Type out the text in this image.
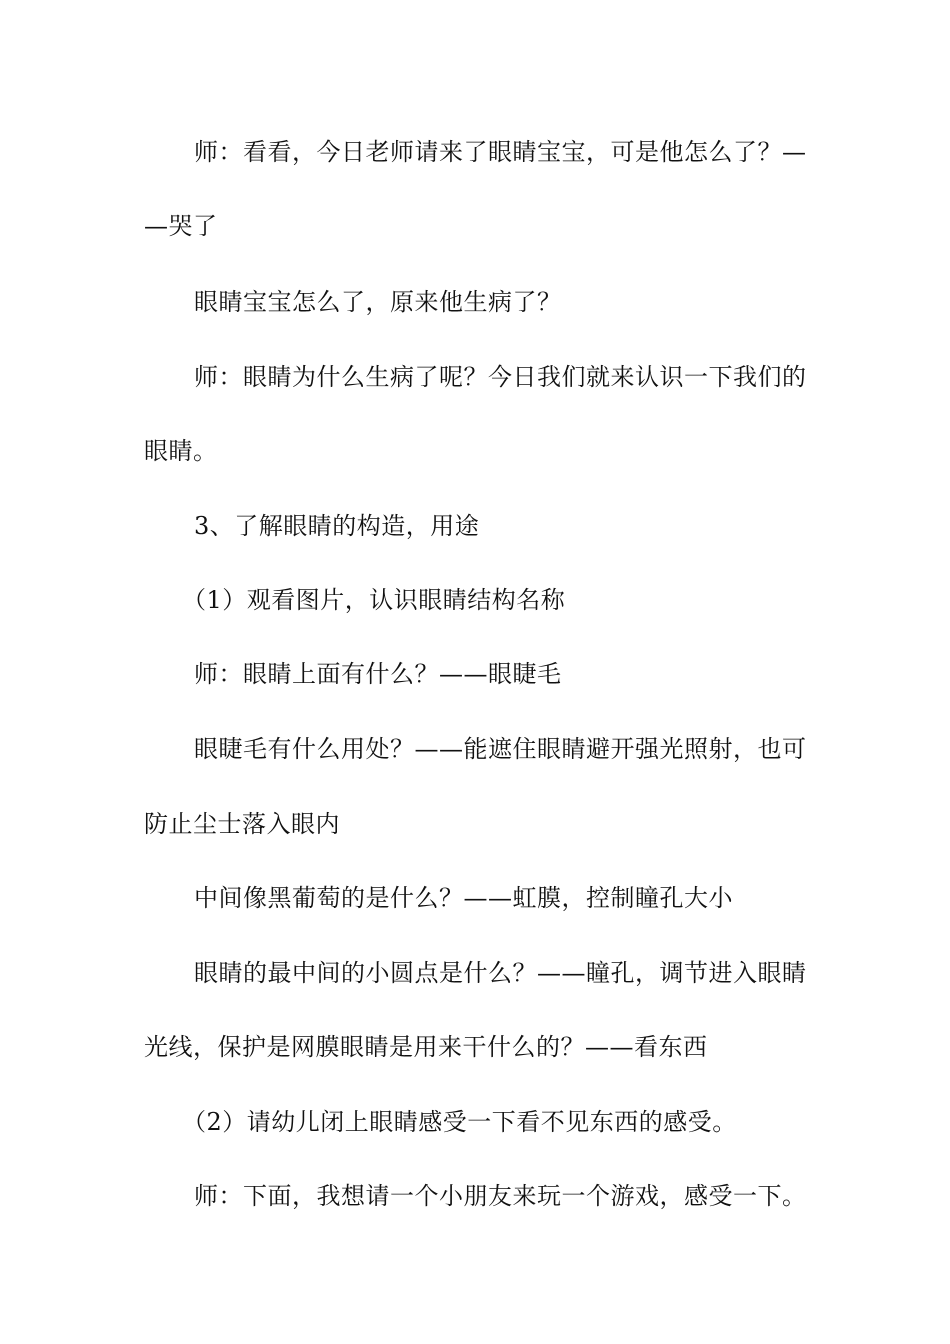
师：看看，今日老师请来了眼睛宝宝，可是他怎么了？—
—哭了
眼睛宝宝怎么了，原来他生病了？
师：眼睛为什么生病了呢？今日我们就来认识一下我们的
眼睛。
3、了解眼睛的构造，用途
（1）观看图片，认识眼睛结构名称
师：眼睛上面有什么？——眼睫毛
眼睫毛有什么用处？——能遮住眼睛避开强光照射，也可
防止尘士落入眼内
中间像黑葡萄的是什么？——虹膜，控制瞳孔大小
眼睛的最中间的小圆点是什么？——瞳孔，调节进入眼睛
光线，保护是网膜眼睛是用来干什么的？——看东西
（2）请幼儿闭上眼睛感受一下看不见东西的感受。
师：下面，我想请一个小朋友来玩一个游戏，感受一下。
